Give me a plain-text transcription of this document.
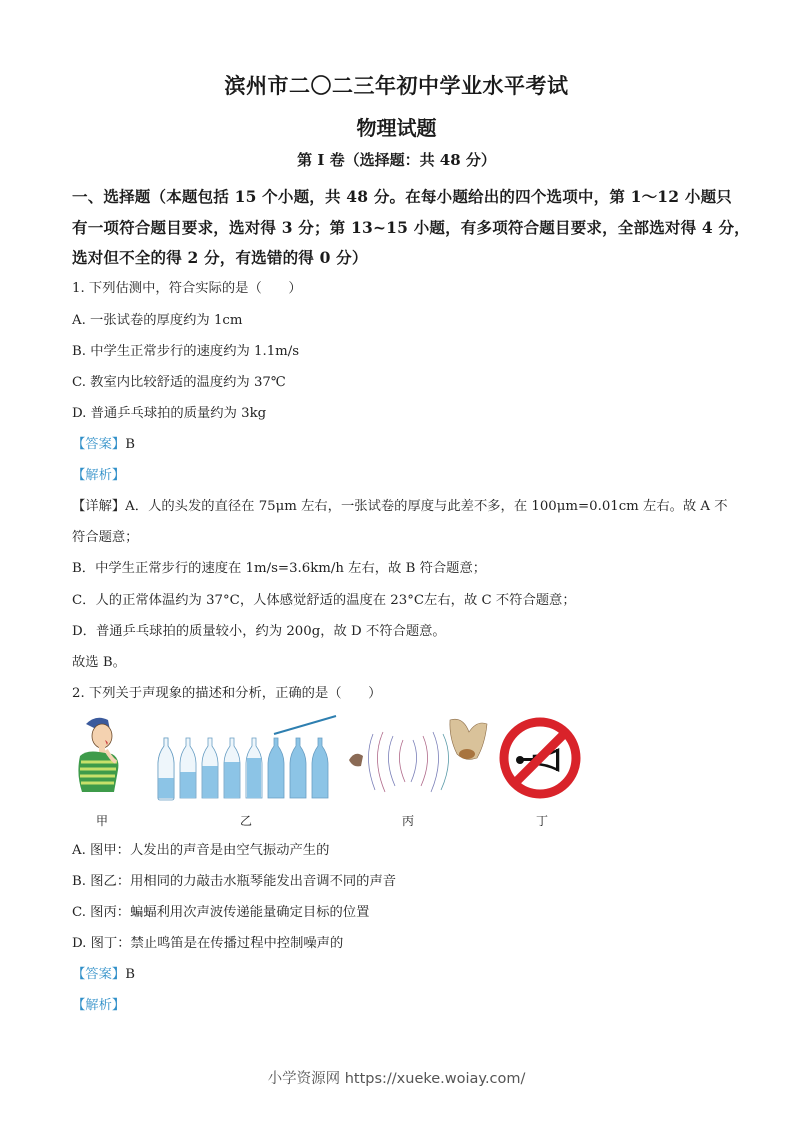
滨州市二〇二三年初中学业水平考试
物理试题
第 I 卷（选择题：共 48 分）
一、选择题（本题包括 15 个小题，共 48 分。在每小题给出的四个选项中，第 1～12 小题只
有一项符合题目要求，选对得 3 分；第 13~15 小题，有多项符合题目要求，全部选对得 4 分，
选对但不全的得 2 分，有选错的得 0 分）
1. 下列估测中，符合实际的是（　　）
A. 一张试卷的厚度约为 1cm
B. 中学生正常步行的速度约为 1.1m/s
C. 教室内比较舒适的温度约为 37℃
D. 普通乒乓球拍的质量约为 3kg
【答案】B
【解析】
【详解】A．人的头发的直径在 75μm 左右，一张试卷的厚度与此差不多，在 100μm=0.01cm 左右。故 A 不
符合题意；
B．中学生正常步行的速度在 1m/s=3.6km/h 左右，故 B 符合题意；
C．人的正常体温约为 37°C，人体感觉舒适的温度在 23°C左右，故 C 不符合题意；
D．普通乒乓球拍的质量较小，约为 200g，故 D 不符合题意。
故选 B。
2. 下列关于声现象的描述和分析，正确的是（　　）
甲	乙	丙	丁
A. 图甲：人发出的声音是由空气振动产生的
B. 图乙：用相同的力敲击水瓶琴能发出音调不同的声音
C. 图丙：蝙蝠利用次声波传递能量确定目标的位置
D. 图丁：禁止鸣笛是在传播过程中控制噪声的
【答案】B
【解析】
小学资源网 https://xueke.woiay.com/
